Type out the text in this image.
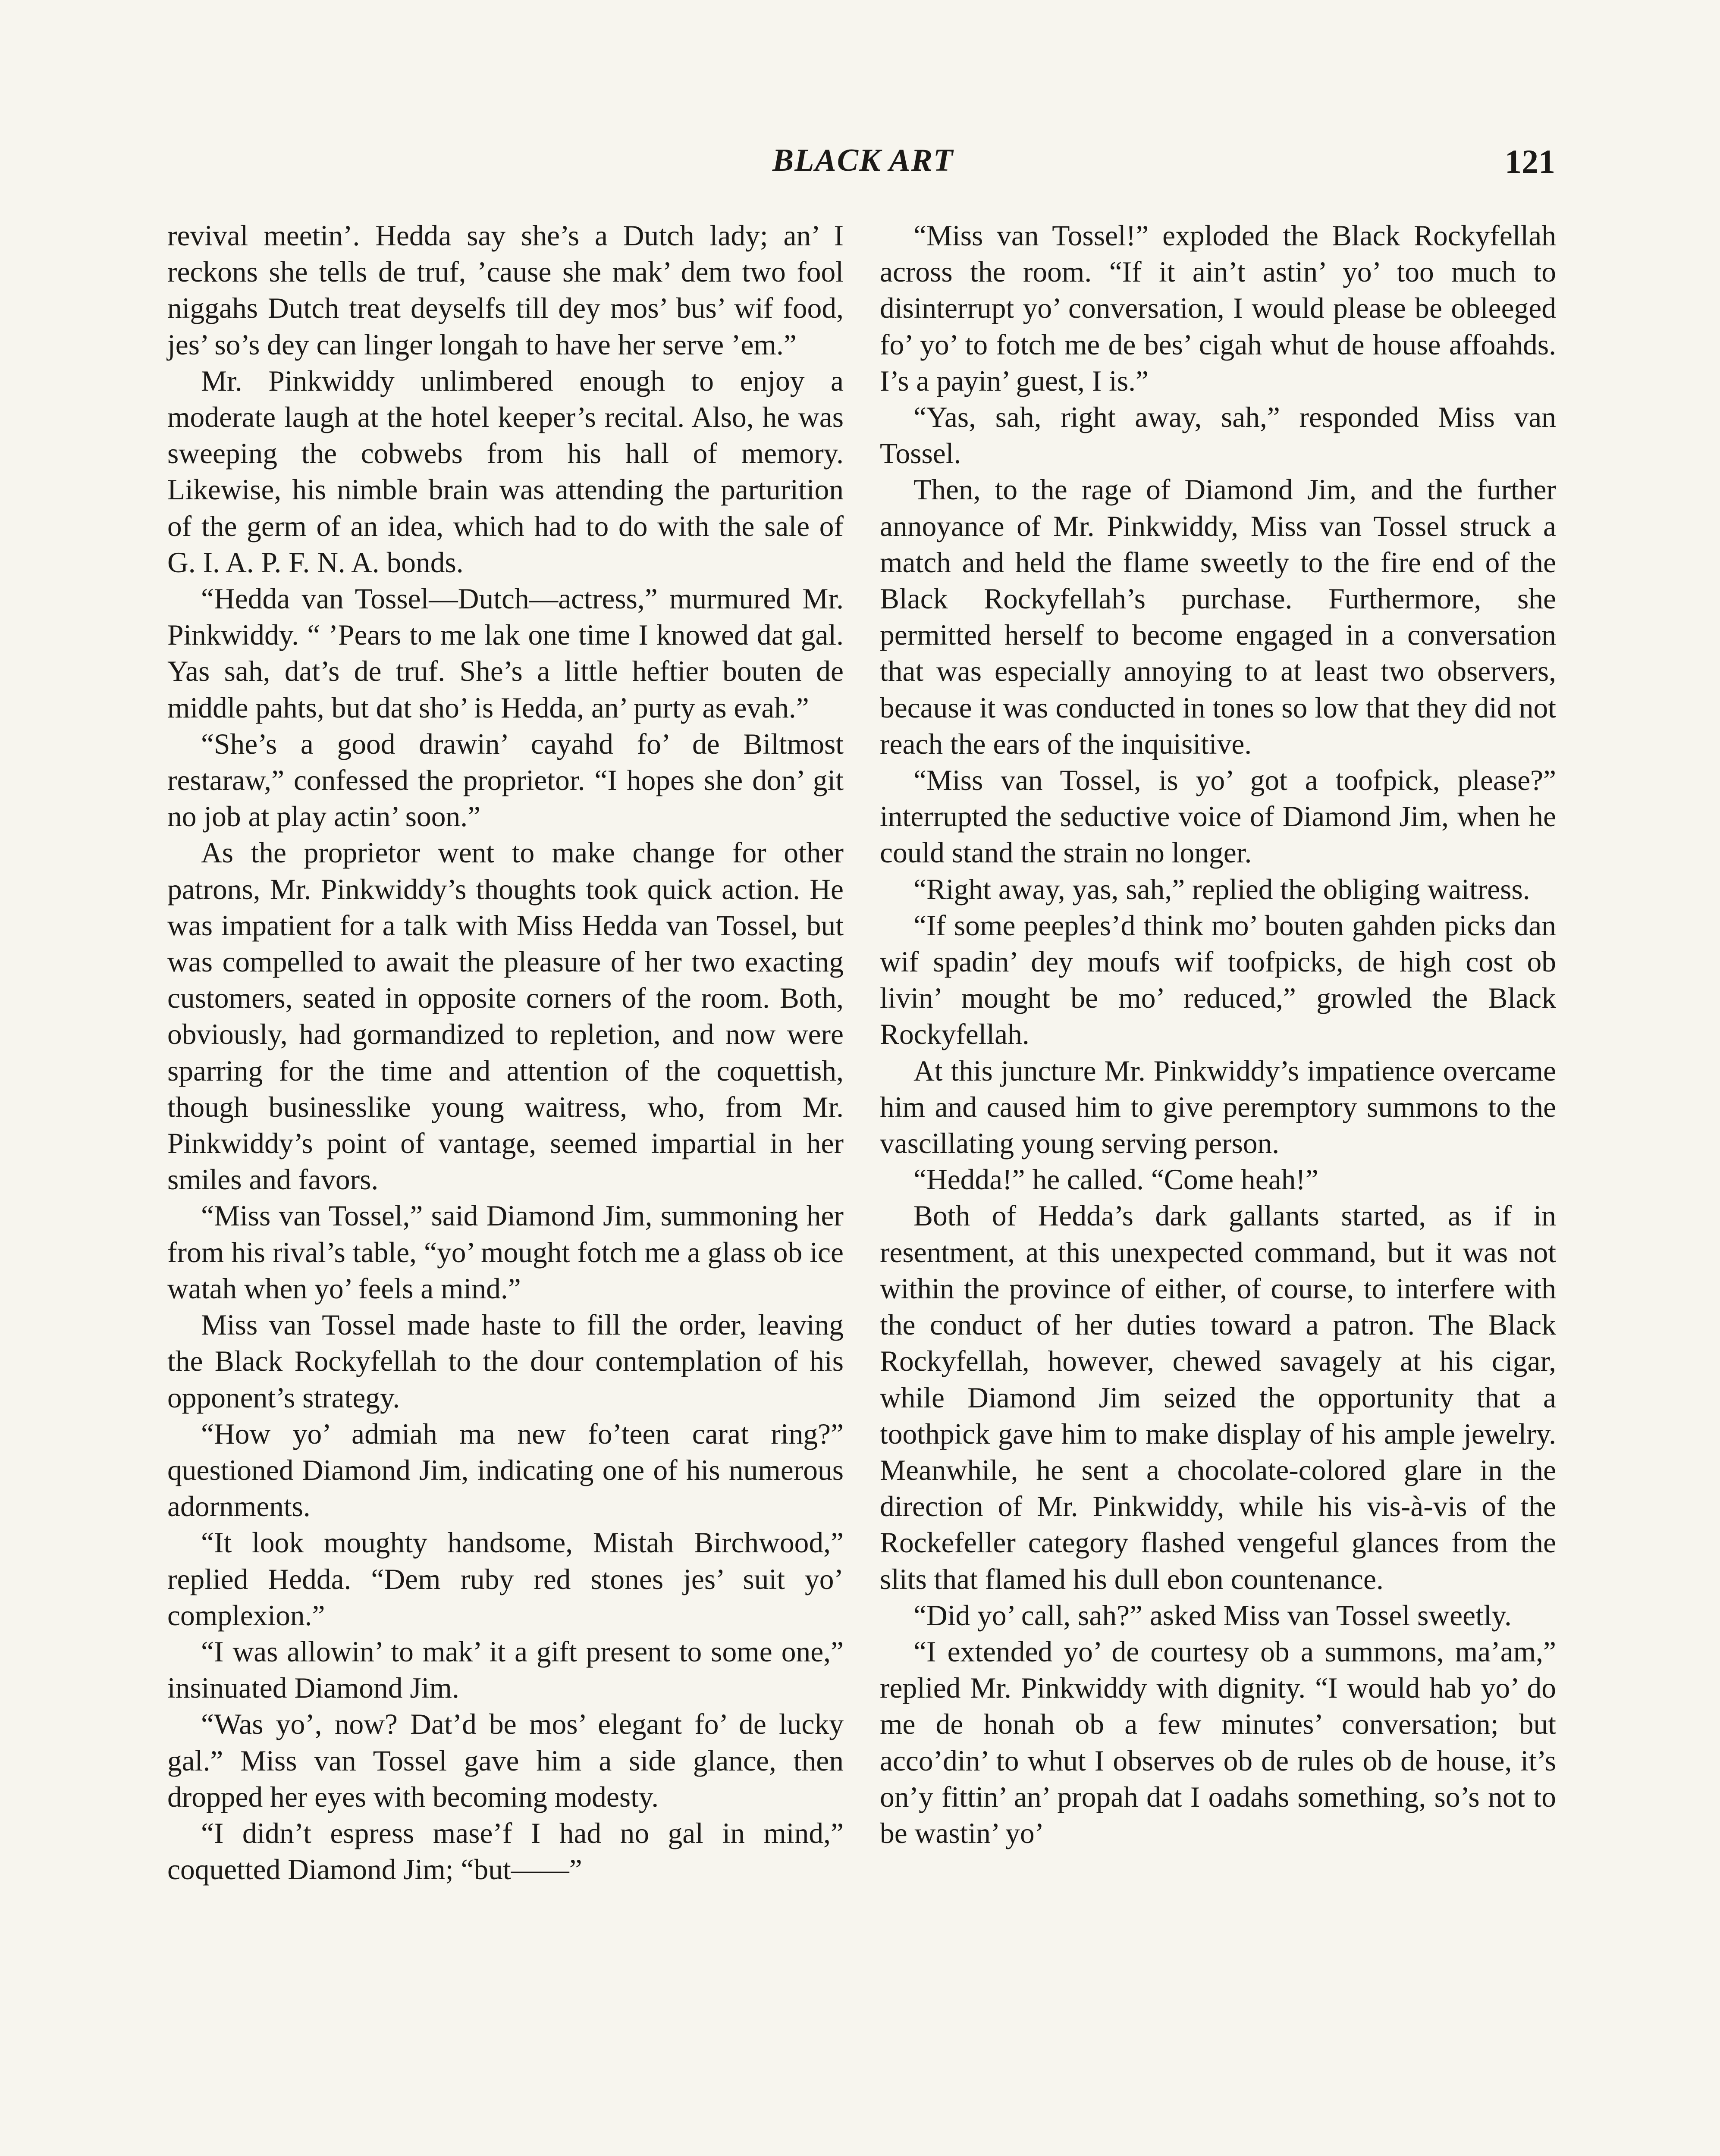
BLACK ART	121

revival meetin’. Hedda say she’s a Dutch lady; an’ I reckons she tells de truf, ’cause she mak’ dem two fool niggahs Dutch treat deyselfs till dey mos’ bus’ wif food, jes’ so’s dey can linger longah to have her serve ’em.”

Mr. Pinkwiddy unlimbered enough to enjoy a moderate laugh at the hotel keeper’s recital. Also, he was sweeping the cobwebs from his hall of memory. Likewise, his nimble brain was attending the parturition of the germ of an idea, which had to do with the sale of G. I. A. P. F. N. A. bonds.

“Hedda van Tossel—Dutch—actress,” murmured Mr. Pinkwiddy. “ ’Pears to me lak one time I knowed dat gal. Yas sah, dat’s de truf. She’s a little heftier bouten de middle pahts, but dat sho’ is Hedda, an’ purty as evah.”

“She’s a good drawin’ cayahd fo’ de Biltmost restaraw,” confessed the proprietor. “I hopes she don’ git no job at play actin’ soon.”

As the proprietor went to make change for other patrons, Mr. Pinkwiddy’s thoughts took quick action. He was impatient for a talk with Miss Hedda van Tossel, but was compelled to await the pleasure of her two exacting customers, seated in opposite corners of the room. Both, obviously, had gormandized to repletion, and now were sparring for the time and attention of the coquettish, though businesslike young waitress, who, from Mr. Pinkwiddy’s point of vantage, seemed impartial in her smiles and favors.

“Miss van Tossel,” said Diamond Jim, summoning her from his rival’s table, “yo’ mought fotch me a glass ob ice watah when yo’ feels a mind.”

Miss van Tossel made haste to fill the order, leaving the Black Rockyfellah to the dour contemplation of his opponent’s strategy.

“How yo’ admiah ma new fo’teen carat ring?” questioned Diamond Jim, indicating one of his numerous adornments.

“It look moughty handsome, Mistah Birchwood,” replied Hedda. “Dem ruby red stones jes’ suit yo’ complexion.”

“I was allowin’ to mak’ it a gift present to some one,” insinuated Diamond Jim.

“Was yo’, now? Dat’d be mos’ elegant fo’ de lucky gal.” Miss van Tossel gave him a side glance, then dropped her eyes with becoming modesty.

“I didn’t espress mase’f I had no gal in mind,” coquetted Diamond Jim; “but——”

“Miss van Tossel!” exploded the Black Rockyfellah across the room. “If it ain’t astin’ yo’ too much to disinterrupt yo’ conversation, I would please be obleeged fo’ yo’ to fotch me de bes’ cigah whut de house affoahds. I’s a payin’ guest, I is.”

“Yas, sah, right away, sah,” responded Miss van Tossel.

Then, to the rage of Diamond Jim, and the further annoyance of Mr. Pinkwiddy, Miss van Tossel struck a match and held the flame sweetly to the fire end of the Black Rockyfellah’s purchase. Furthermore, she permitted herself to become engaged in a conversation that was especially annoying to at least two observers, because it was conducted in tones so low that they did not reach the ears of the inquisitive.

“Miss van Tossel, is yo’ got a toofpick, please?” interrupted the seductive voice of Diamond Jim, when he could stand the strain no longer.

“Right away, yas, sah,” replied the obliging waitress.

“If some peeples’d think mo’ bouten gahden picks dan wif spadin’ dey moufs wif toofpicks, de high cost ob livin’ mought be mo’ reduced,” growled the Black Rockyfellah.

At this juncture Mr. Pinkwiddy’s impatience overcame him and caused him to give peremptory summons to the vascillating young serving person.

“Hedda!” he called. “Come heah!”

Both of Hedda’s dark gallants started, as if in resentment, at this unexpected command, but it was not within the province of either, of course, to interfere with the conduct of her duties toward a patron. The Black Rockyfellah, however, chewed savagely at his cigar, while Diamond Jim seized the opportunity that a toothpick gave him to make display of his ample jewelry. Meanwhile, he sent a chocolate-colored glare in the direction of Mr. Pinkwiddy, while his vis-à-vis of the Rockefeller category flashed vengeful glances from the slits that flamed his dull ebon countenance.

“Did yo’ call, sah?” asked Miss van Tossel sweetly.

“I extended yo’ de courtesy ob a summons, ma’am,” replied Mr. Pinkwiddy with dignity. “I would hab yo’ do me de honah ob a few minutes’ conversation; but acco’din’ to whut I observes ob de rules ob de house, it’s on’y fittin’ an’ propah dat I oadahs something, so’s not to be wastin’ yo’
